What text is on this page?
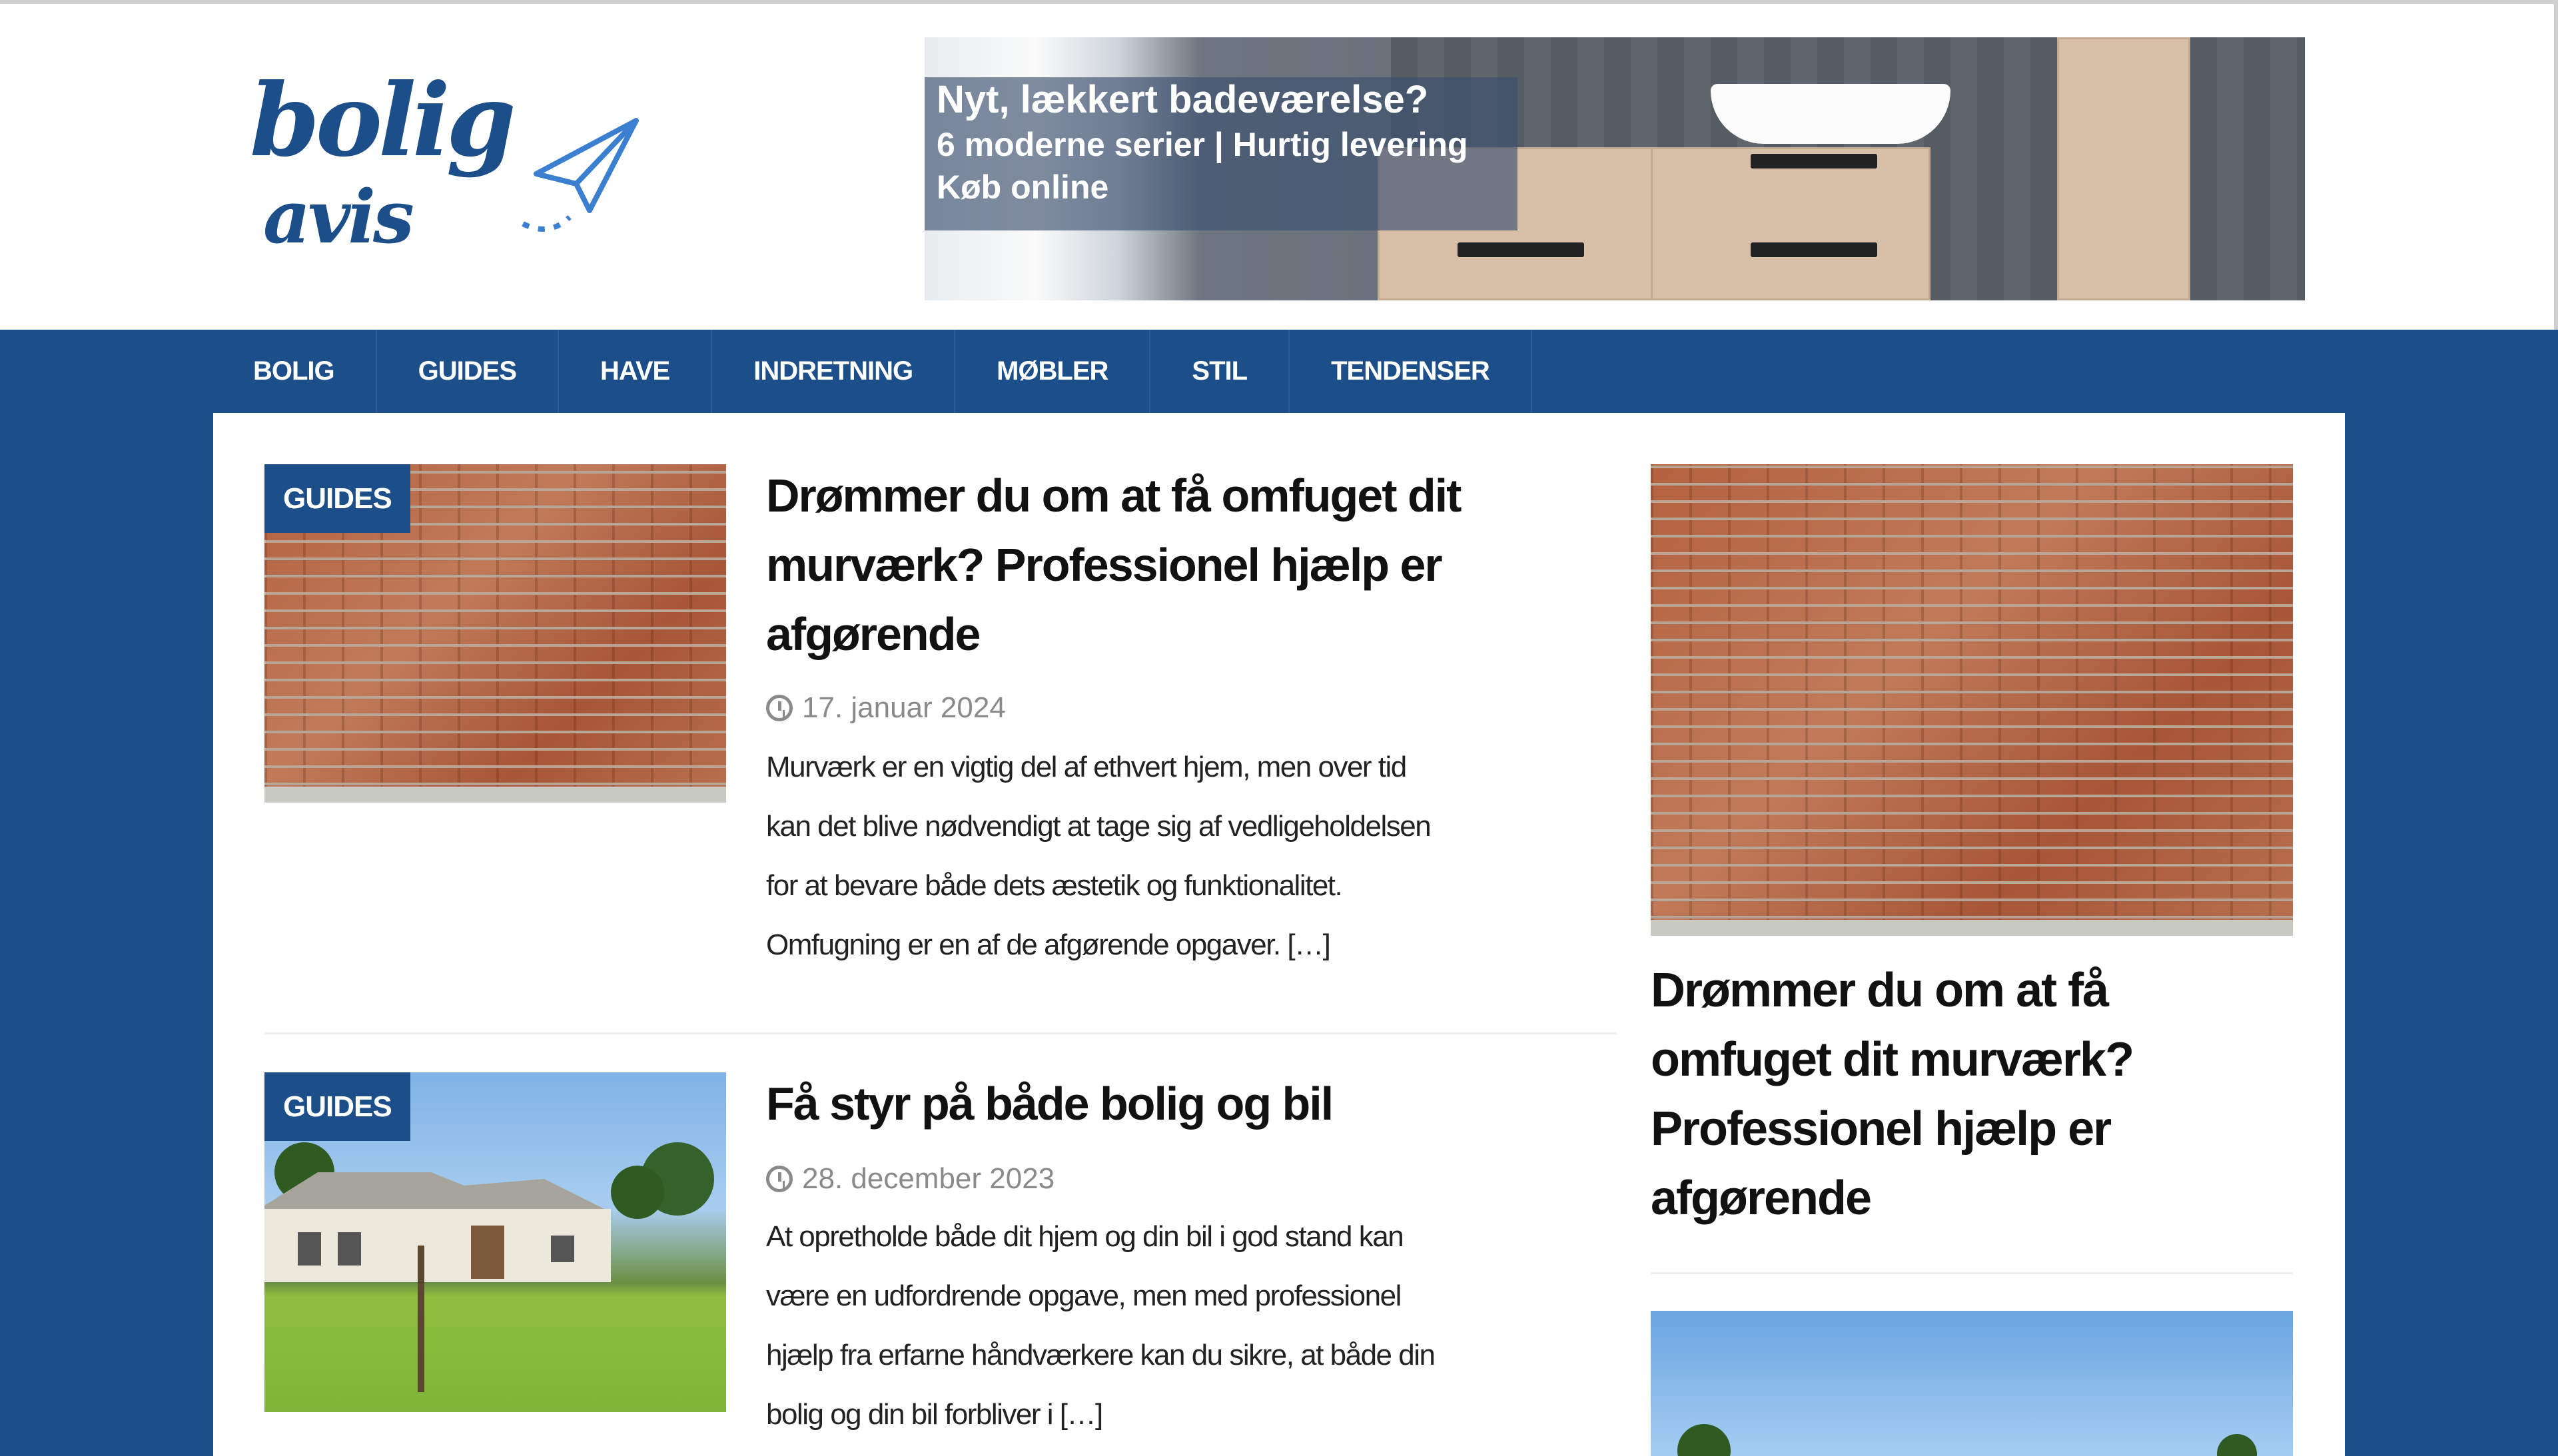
bolig
avis
Nyt, lækkert badeværelse?
6 moderne serier | Hurtig levering
Køb online
BOLIG	GUIDES	HAVE	INDRETNING	MØBLER	STIL	TENDENSER
GUIDES	Drømmer du om at få omfuget dit
murværk? Professionel hjælp er
afgørende
17. januar 2024
Murværk er en vigtig del af ethvert hjem, men over tid
kan det blive nødvendigt at tage sig af vedligeholdelsen
for at bevare både dets æstetik og funktionalitet.
Omfugning er en af de afgørende opgaver. […]
GUIDES	Få styr på både bolig og bil
28. december 2023
At opretholde både dit hjem og din bil i god stand kan
være en udfordrende opgave, men med professionel
hjælp fra erfarne håndværkere kan du sikre, at både din
bolig og din bil forbliver i […]
Drømmer du om at få
omfuget dit murværk?
Professionel hjælp er
afgørende
